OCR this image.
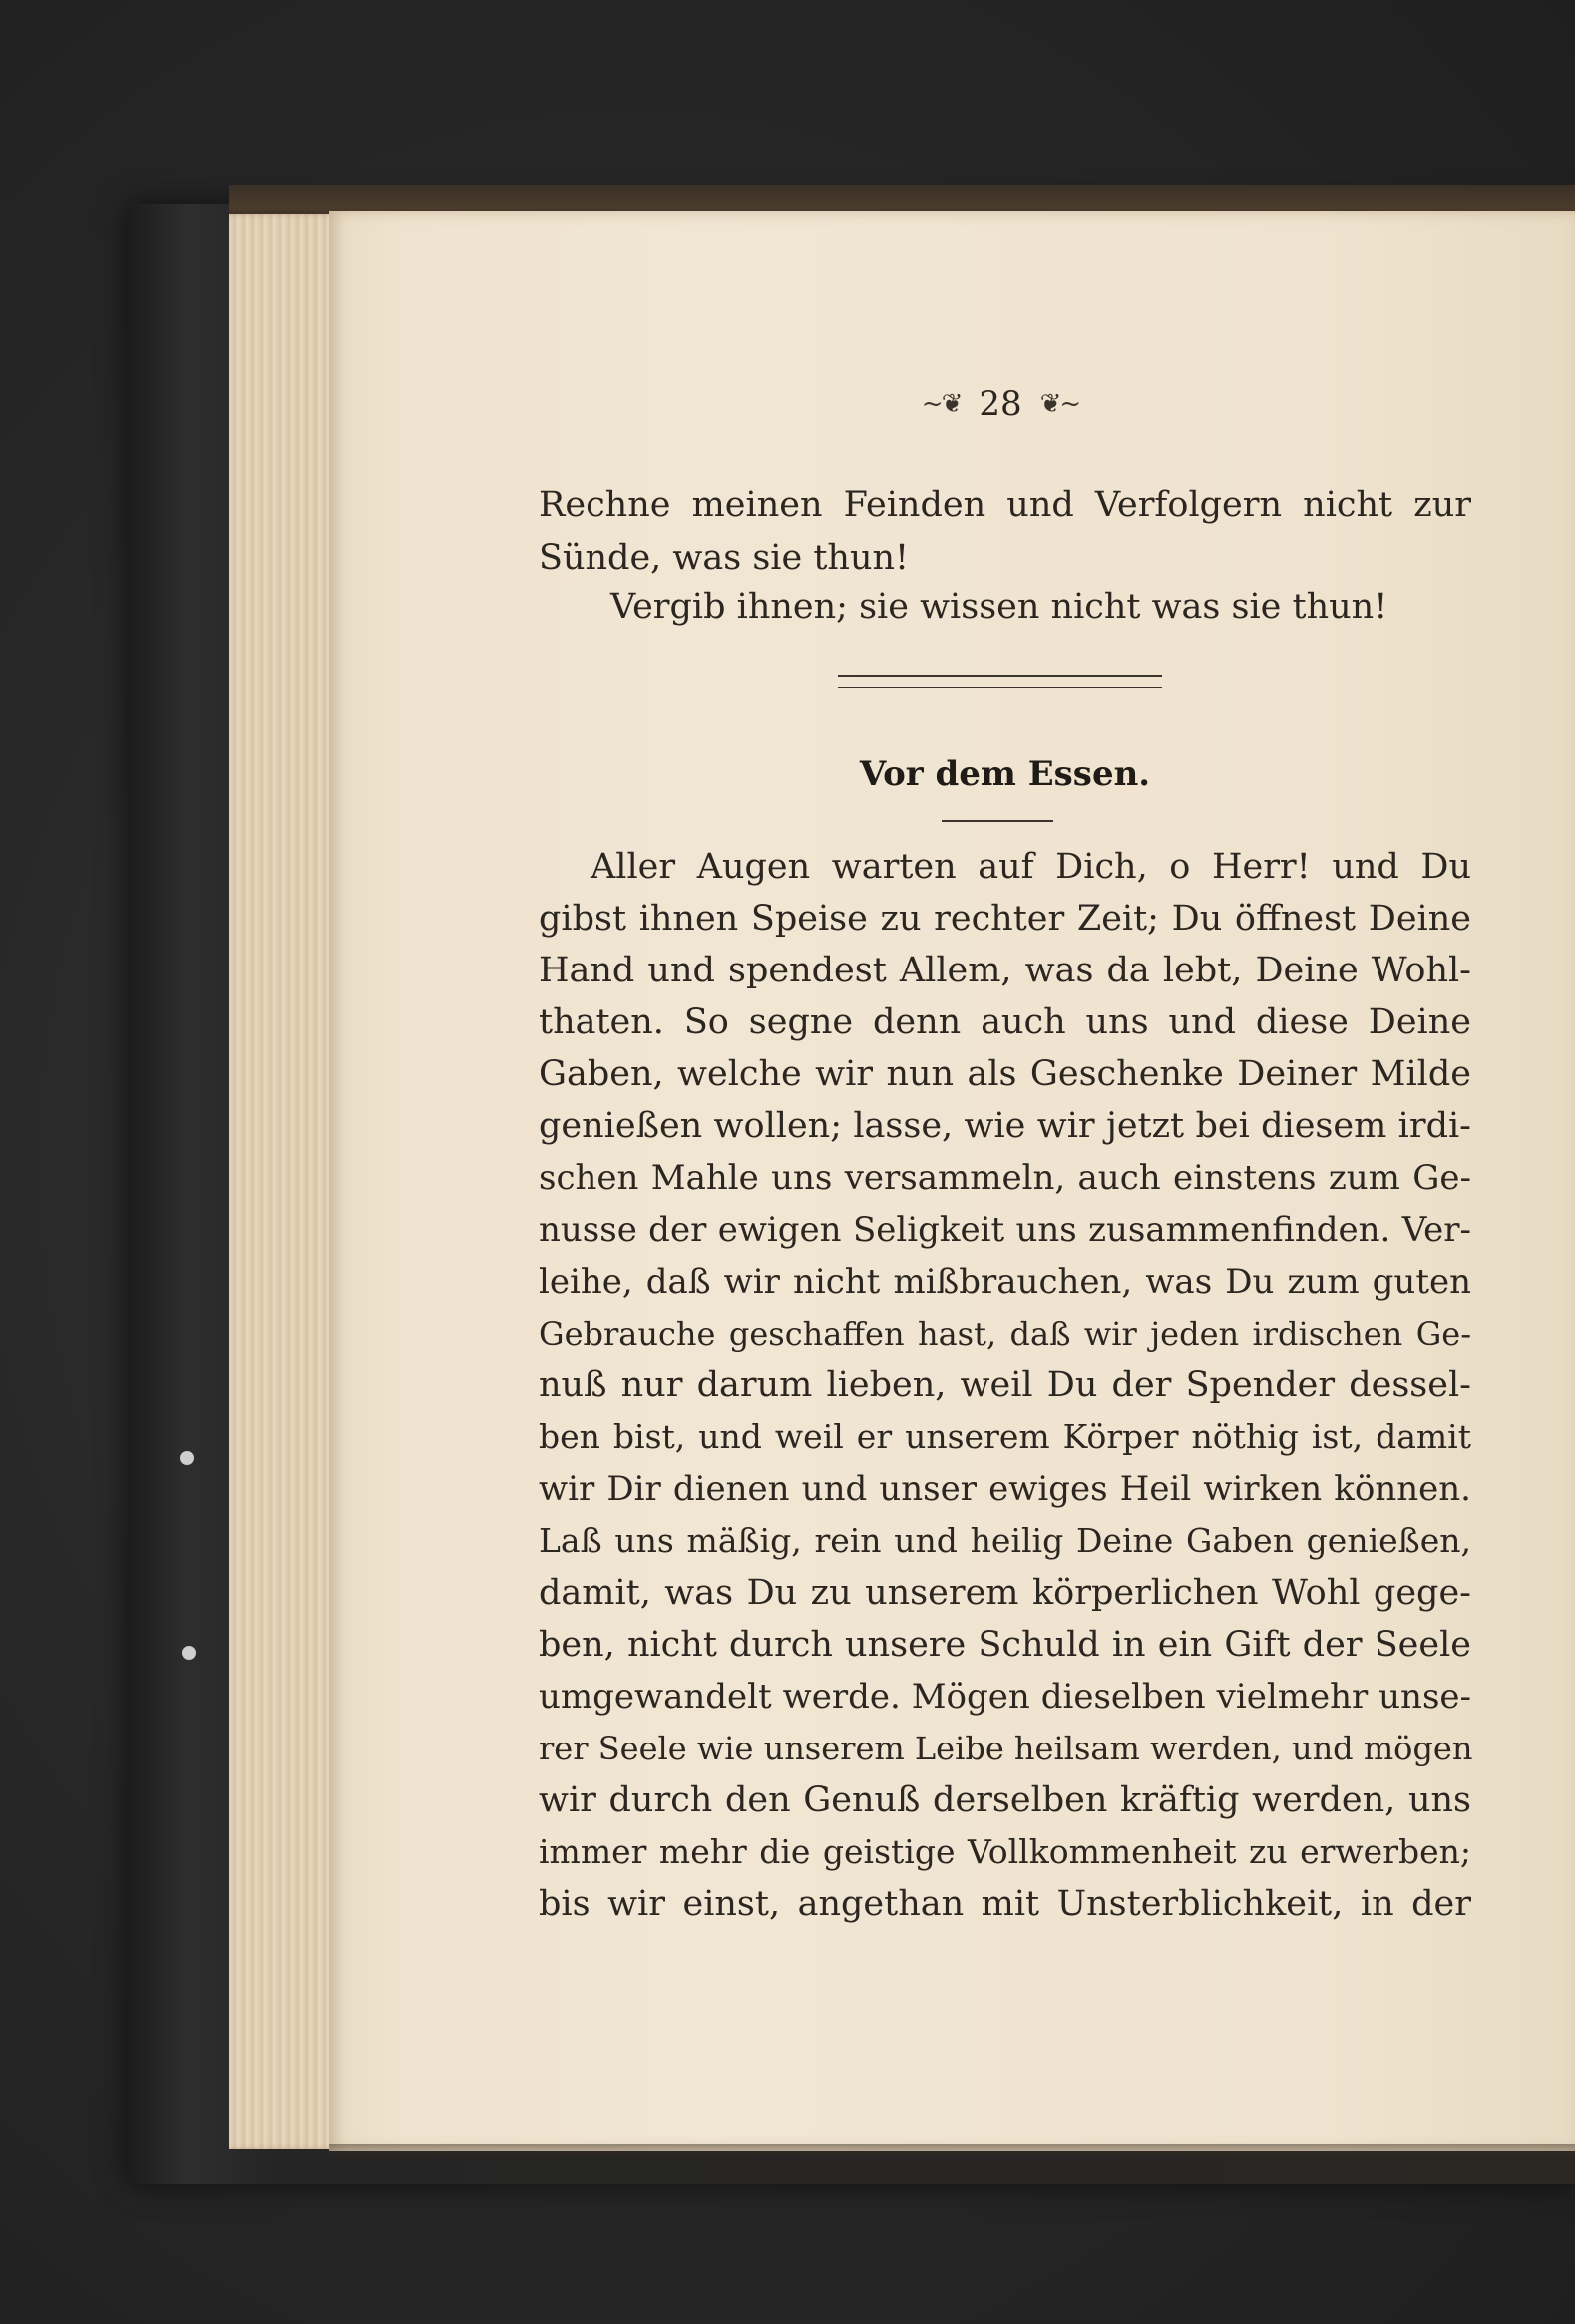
~❦ 28 ❦~
Rechne meinen Feinden und Verfolgern nicht zur
Sünde, was sie thun!
Vergib ihnen; sie wissen nicht was sie thun!
Vor dem Essen.
Aller Augen warten auf Dich, o Herr! und Du
gibst ihnen Speise zu rechter Zeit; Du öffnest Deine
Hand und spendest Allem, was da lebt, Deine Wohl-
thaten. So segne denn auch uns und diese Deine
Gaben, welche wir nun als Geschenke Deiner Milde
genießen wollen; lasse, wie wir jetzt bei diesem irdi-
schen Mahle uns versammeln, auch einstens zum Ge-
nusse der ewigen Seligkeit uns zusammenfinden. Ver-
leihe, daß wir nicht mißbrauchen, was Du zum guten
Gebrauche geschaffen hast, daß wir jeden irdischen Ge-
nuß nur darum lieben, weil Du der Spender dessel-
ben bist, und weil er unserem Körper nöthig ist, damit
wir Dir dienen und unser ewiges Heil wirken können.
Laß uns mäßig, rein und heilig Deine Gaben genießen,
damit, was Du zu unserem körperlichen Wohl gege-
ben, nicht durch unsere Schuld in ein Gift der Seele
umgewandelt werde. Mögen dieselben vielmehr unse-
rer Seele wie unserem Leibe heilsam werden, und mögen
wir durch den Genuß derselben kräftig werden, uns
immer mehr die geistige Vollkommenheit zu erwerben;
bis wir einst, angethan mit Unsterblichkeit, in der
